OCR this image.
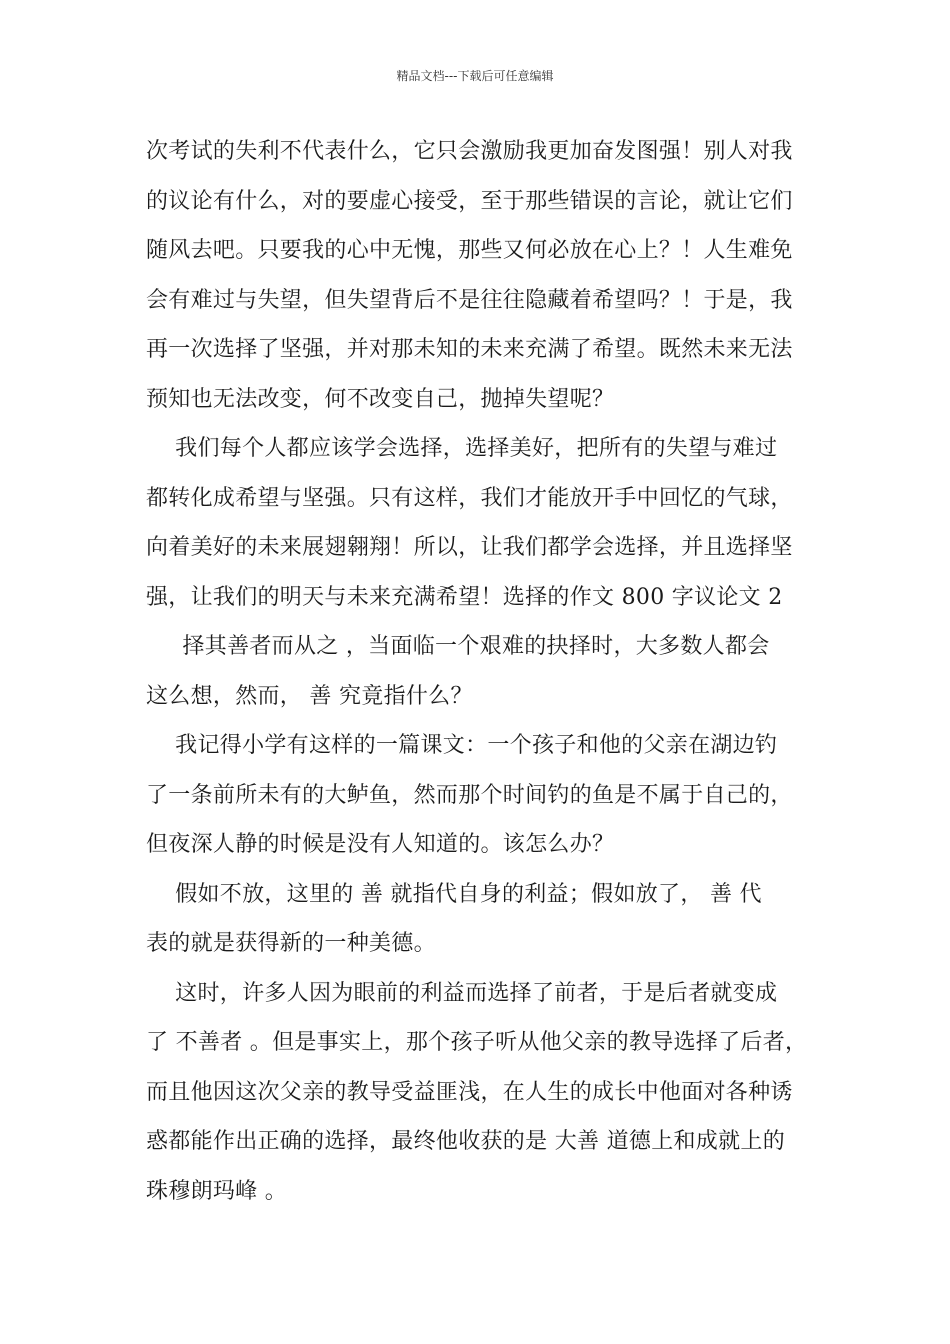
精品文档---下载后可任意编辑
次考试的失利不代表什么，它只会激励我更加奋发图强！别人对我
的议论有什么，对的要虚心接受，至于那些错误的言论，就让它们
随风去吧。只要我的心中无愧，那些又何必放在心上？！人生难免
会有难过与失望，但失望背后不是往往隐藏着希望吗？！于是，我
再一次选择了坚强，并对那未知的未来充满了希望。既然未来无法
预知也无法改变，何不改变自己，抛掉失望呢？
我们每个人都应该学会选择，选择美好，把所有的失望与难过
都转化成希望与坚强。只有这样，我们才能放开手中回忆的气球，
向着美好的未来展翅翱翔！所以，让我们都学会选择，并且选择坚
强，让我们的明天与未来充满希望！选择的作文 800 字议论文 2
择其善者而从之 ，当面临一个艰难的抉择时，大多数人都会
这么想，然而， 善 究竟指什么？
我记得小学有这样的一篇课文：一个孩子和他的父亲在湖边钓
了一条前所未有的大鲈鱼，然而那个时间钓的鱼是不属于自己的，
但夜深人静的时候是没有人知道的。该怎么办？
假如不放，这里的 善 就指代自身的利益；假如放了， 善 代
表的就是获得新的一种美德。
这时，许多人因为眼前的利益而选择了前者，于是后者就变成
了 不善者 。但是事实上，那个孩子听从他父亲的教导选择了后者，
而且他因这次父亲的教导受益匪浅，在人生的成长中他面对各种诱
惑都能作出正确的选择，最终他收获的是 大善 道德上和成就上的
珠穆朗玛峰 。
